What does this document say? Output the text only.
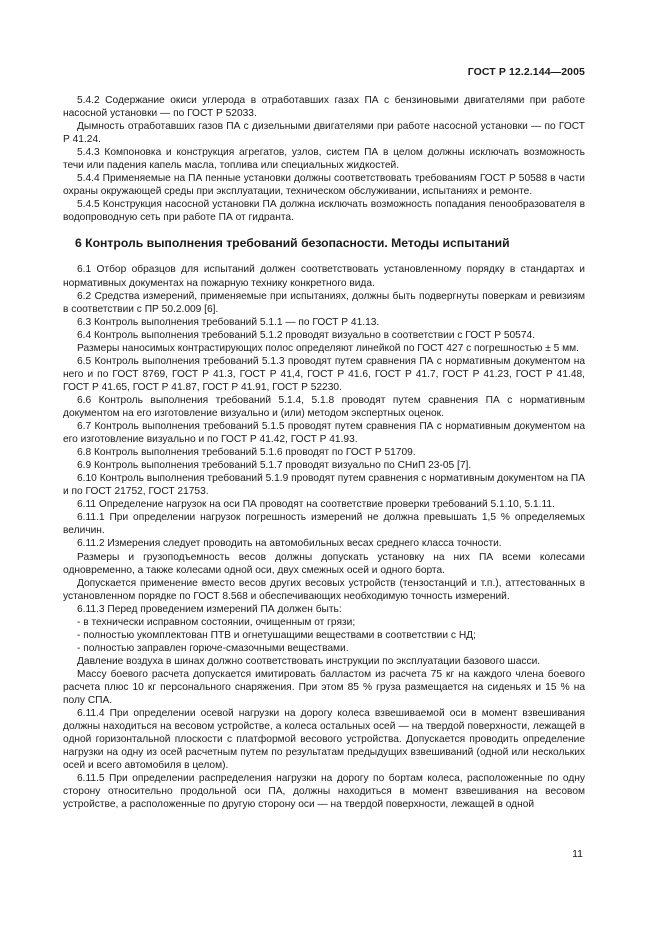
ГОСТ Р 12.2.144—2005

5.4.2 Содержание окиси углерода в отработавших газах ПА с бензиновыми двигателями при работе насосной установки — по ГОСТ Р 52033.

Дымность отработавших газов ПА с дизельными двигателями при работе насосной установки — по ГОСТ Р 41.24.

5.4.3 Компоновка и конструкция агрегатов, узлов, систем ПА в целом должны исключать возможность течи или падения капель масла, топлива или специальных жидкостей.

5.4.4 Применяемые на ПА пенные установки должны соответствовать требованиям ГОСТ Р 50588 в части охраны окружающей среды при эксплуатации, техническом обслуживании, испытаниях и ремонте.

5.4.5 Конструкция насосной установки ПА должна исключать возможность попадания пенообразователя в водопроводную сеть при работе ПА от гидранта.

6 Контроль выполнения требований безопасности. Методы испытаний

6.1 Отбор образцов для испытаний должен соответствовать установленному порядку в стандартах и нормативных документах на пожарную технику конкретного вида.

6.2 Средства измерений, применяемые при испытаниях, должны быть подвергнуты поверкам и ревизиям в соответствии с ПР 50.2.009 [6].

6.3 Контроль выполнения требований 5.1.1 — по ГОСТ Р 41.13.

6.4 Контроль выполнения требований 5.1.2 проводят визуально в соответствии с ГОСТ Р 50574.

Размеры наносимых контрастирующих полос определяют линейкой по ГОСТ 427 с погрешностью ± 5 мм.

6.5 Контроль выполнения требований 5.1.3 проводят путем сравнения ПА с нормативным документом на него и по ГОСТ 8769, ГОСТ Р 41.3, ГОСТ Р 41,4, ГОСТ Р 41.6, ГОСТ Р 41.7, ГОСТ Р 41.23, ГОСТ Р 41.48, ГОСТ Р 41.65, ГОСТ Р 41.87, ГОСТ Р 41.91, ГОСТ Р 52230.

6.6 Контроль выполнения требований 5.1.4, 5.1.8 проводят путем сравнения ПА с нормативным документом на его изготовление визуально и (или) методом экспертных оценок.

6.7 Контроль выполнения требований 5.1.5 проводят путем сравнения ПА с нормативным документом на его изготовление визуально и по ГОСТ Р 41.42, ГОСТ Р 41.93.

6.8 Контроль выполнения требований 5.1.6 проводят по ГОСТ Р 51709.

6.9 Контроль выполнения требований 5.1.7 проводят визуально по СНиП 23-05 [7].

6.10 Контроль выполнения требований 5.1.9 проводят путем сравнения с нормативным документом на ПА и по ГОСТ 21752, ГОСТ 21753.

6.11 Определение нагрузок на оси ПА проводят на соответствие проверки требований 5.1.10, 5.1.11.

6.11.1 При определении нагрузок погрешность измерений не должна превышать 1,5 % определяемых величин.

6.11.2 Измерения следует проводить на автомобильных весах среднего класса точности.

Размеры и грузоподъемность весов должны допускать установку на них ПА всеми колесами одновременно, а также колесами одной оси, двух смежных осей и одного борта.

Допускается применение вместо весов других весовых устройств (тензостанций и т.п.), аттестованных в установленном порядке по ГОСТ 8.568 и обеспечивающих необходимую точность измерений.

6.11.3 Перед проведением измерений ПА должен быть:

- в технически исправном состоянии, очищенным от грязи;
- полностью укомплектован ПТВ и огнетушащими веществами в соответствии с НД;
- полностью заправлен горюче-смазочными веществами.

Давление воздуха в шинах должно соответствовать инструкции по эксплуатации базового шасси.

Массу боевого расчета допускается имитировать балластом из расчета 75 кг на каждого члена боевого расчета плюс 10 кг персонального снаряжения. При этом 85 % груза размещается на сиденьях и 15 % на полу СПА.

6.11.4 При определении осевой нагрузки на дорогу колеса взвешиваемой оси в момент взвешивания должны находиться на весовом устройстве, а колеса остальных осей — на твердой поверхности, лежащей в одной горизонтальной плоскости с платформой весового устройства. Допускается проводить определение нагрузки на одну из осей расчетным путем по результатам предыдущих взвешиваний (одной или нескольких осей и всего автомобиля в целом).

6.11.5 При определении распределения нагрузки на дорогу по бортам колеса, расположенные по одну сторону относительно продольной оси ПА, должны находиться в момент взвешивания на весовом устройстве, а расположенные по другую сторону оси — на твердой поверхности, лежащей в одной

11
